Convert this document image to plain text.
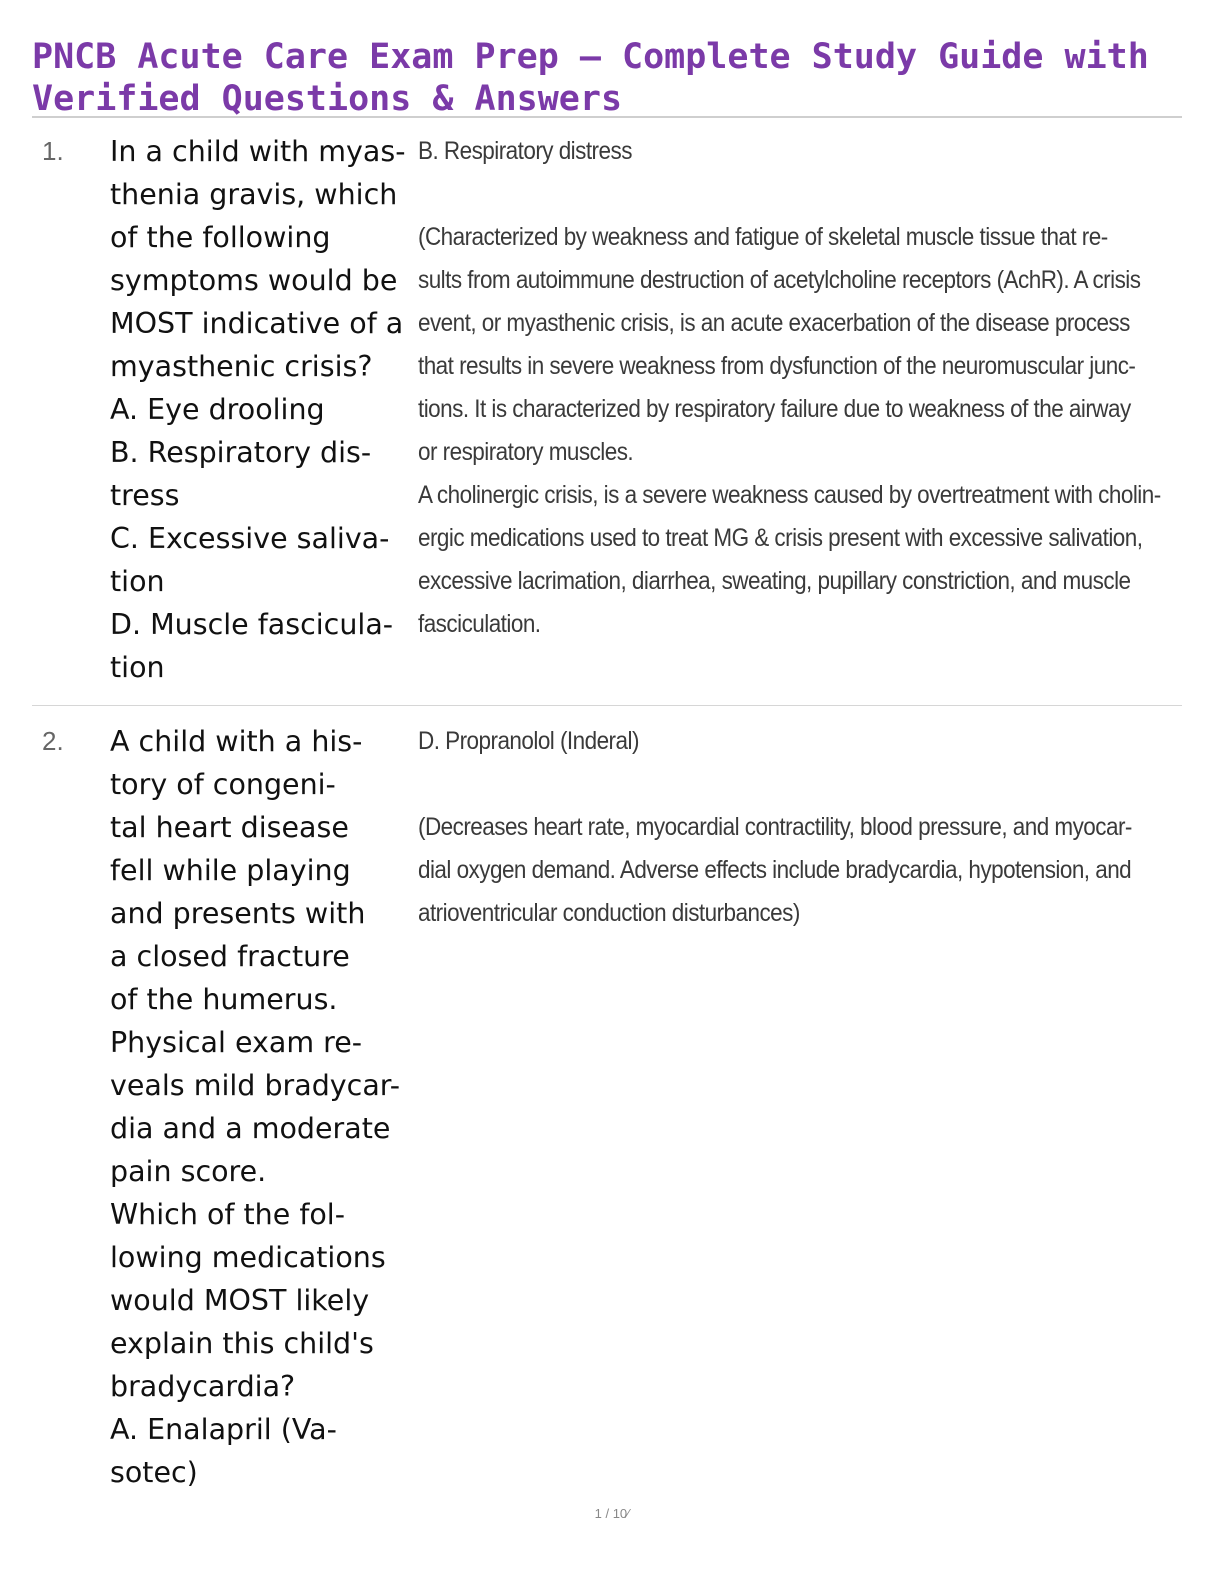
PNCB Acute Care Exam Prep – Complete Study Guide with
Verified Questions & Answers
1. In a child with myas-
thenia gravis, which
of the following
symptoms would be
MOST indicative of a
myasthenic crisis?
A. Eye drooling
B. Respiratory dis-
tress
C. Excessive saliva-
tion
D. Muscle fascicula-
tion
B. Respiratory distress
(Characterized by weakness and fatigue of skeletal muscle tissue that re-
sults from autoimmune destruction of acetylcholine receptors (AchR). A crisis
event, or myasthenic crisis, is an acute exacerbation of the disease process
that results in severe weakness from dysfunction of the neuromuscular junc-
tions. It is characterized by respiratory failure due to weakness of the airway
or respiratory muscles.
A cholinergic crisis, is a severe weakness caused by overtreatment with cholin-
ergic medications used to treat MG & crisis present with excessive salivation,
excessive lacrimation, diarrhea, sweating, pupillary constriction, and muscle
fasciculation.
2. A child with a his-
tory of congeni-
tal heart disease
fell while playing
and presents with
a closed fracture
of the humerus.
Physical exam re-
veals mild bradycar-
dia and a moderate
pain score.
Which of the fol-
lowing medications
would MOST likely
explain this child's
bradycardia?
A. Enalapril (Va-
sotec)
D. Propranolol (Inderal)
(Decreases heart rate, myocardial contractility, blood pressure, and myocar-
dial oxygen demand. Adverse effects include bradycardia, hypotension, and
atrioventricular conduction disturbances)
1 / 10⁄
